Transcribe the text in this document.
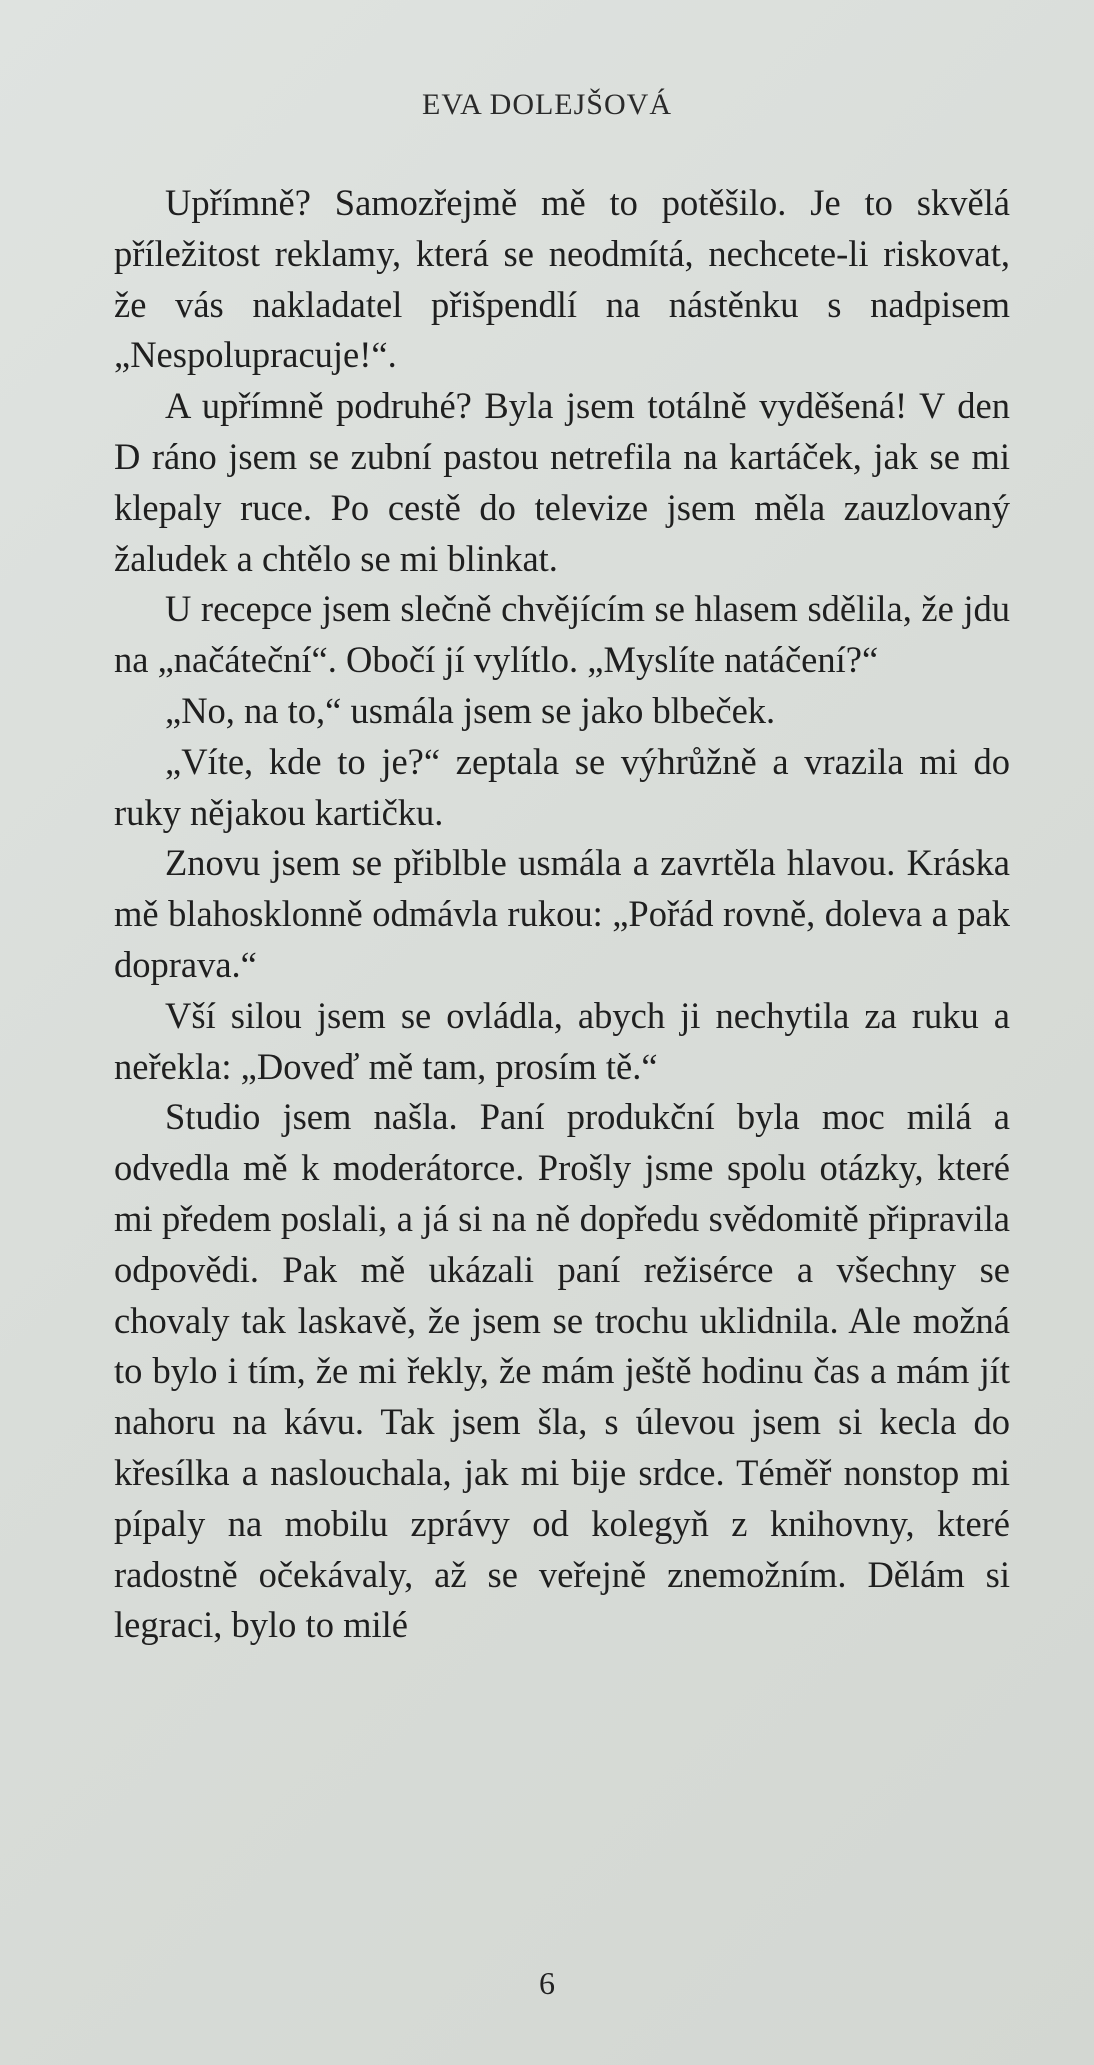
EVA DOLEJŠOVÁ

Upřímně? Samozřejmě mě to potěšilo. Je to skvělá příležitost reklamy, která se neodmítá, nechcete-li riskovat, že vás nakladatel přišpendlí na nástěnku s nadpisem „Nespolupracuje!“.

A upřímně podruhé? Byla jsem totálně vyděšená! V den D ráno jsem se zubní pastou netrefila na kartáček, jak se mi klepaly ruce. Po cestě do televize jsem měla zauzlovaný žaludek a chtělo se mi blinkat.

U recepce jsem slečně chvějícím se hlasem sdělila, že jdu na „načáteční“. Obočí jí vylítlo. „Myslíte natáčení?“

„No, na to,“ usmála jsem se jako blbeček.

„Víte, kde to je?“ zeptala se výhrůžně a vrazila mi do ruky nějakou kartičku.

Znovu jsem se přiblble usmála a zavrtěla hlavou. Kráska mě blahosklonně odmávla rukou: „Pořád rovně, doleva a pak doprava.“

Vší silou jsem se ovládla, abych ji nechytila za ruku a neřekla: „Doveď mě tam, prosím tě.“

Studio jsem našla. Paní produkční byla moc milá a odvedla mě k moderátorce. Prošly jsme spolu otázky, které mi předem poslali, a já si na ně dopředu svědomitě připravila odpovědi. Pak mě ukázali paní režisérce a všechny se chovaly tak laskavě, že jsem se trochu uklidnila. Ale možná to bylo i tím, že mi řekly, že mám ještě hodinu čas a mám jít nahoru na kávu. Tak jsem šla, s úlevou jsem si kecla do křesílka a naslouchala, jak mi bije srdce. Téměř nonstop mi pípaly na mobilu zprávy od kolegyň z knihovny, které radostně očekávaly, až se veřejně znemožním. Dělám si legraci, bylo to milé

6
